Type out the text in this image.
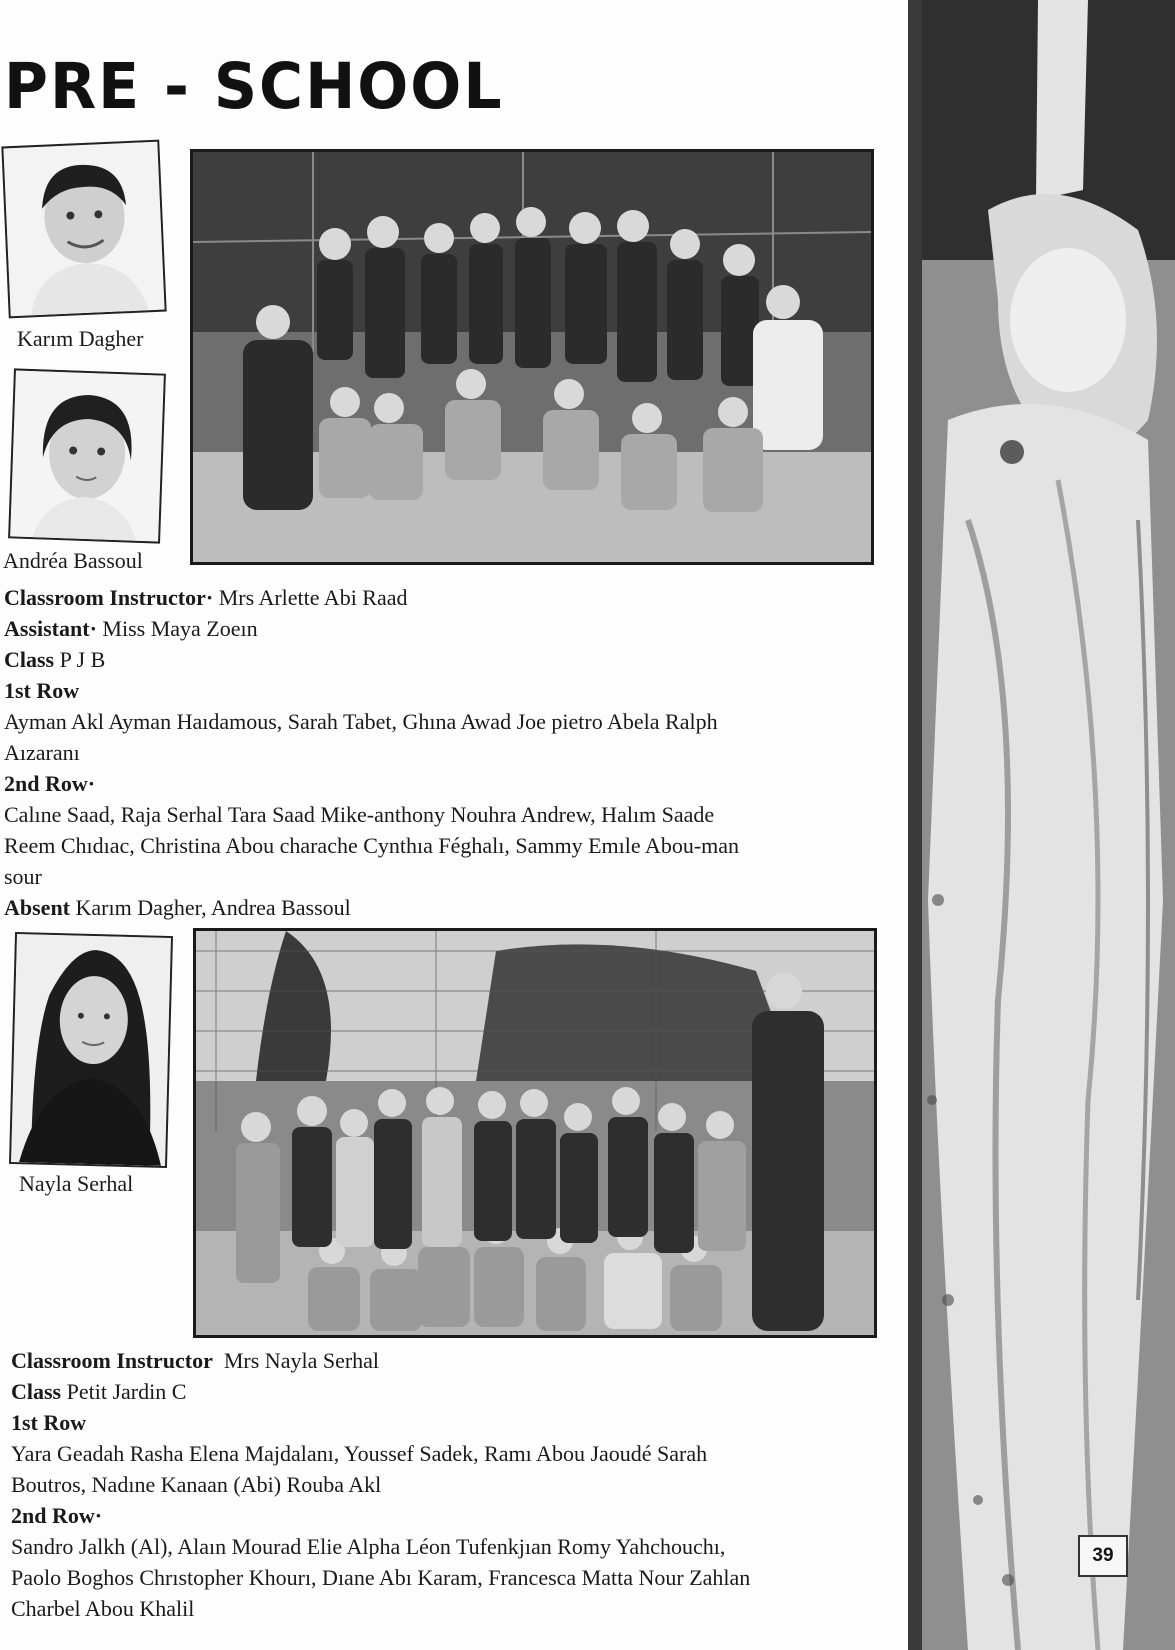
PRE - SCHOOL
Karım Dagher
Andréa Bassoul
Classroom Instructor· Mrs Arlette Abi Raad
Assistant· Miss Maya Zoeın
Class P J B
1st Row
Ayman Akl Ayman Haıdamous, Sarah Tabet, Ghına Awad Joe pietro Abela Ralph
Aızaranı
2nd Row·
Calıne Saad, Raja Serhal Tara Saad Mike-anthony Nouhra Andrew, Halım Saade
Reem Chıdıac, Christina Abou charache Cynthıa Féghalı, Sammy Emıle Abou-man
sour
Absent Karım Dagher, Andrea Bassoul
Nayla Serhal
Classroom Instructor Mrs Nayla Serhal
Class Petit Jardin C
1st Row
Yara Geadah Rasha Elena Majdalanı, Youssef Sadek, Ramı Abou Jaoudé Sarah
Boutros, Nadıne Kanaan (Abi) Rouba Akl
2nd Row·
Sandro Jalkh (Al), Alaın Mourad Elie Alpha Léon Tufenkjıan Romy Yahchouchı,
Paolo Boghos Chrıstopher Khourı, Dıane Abı Karam, Francesca Matta Nour Zahlan
Charbel Abou Khalil
39
